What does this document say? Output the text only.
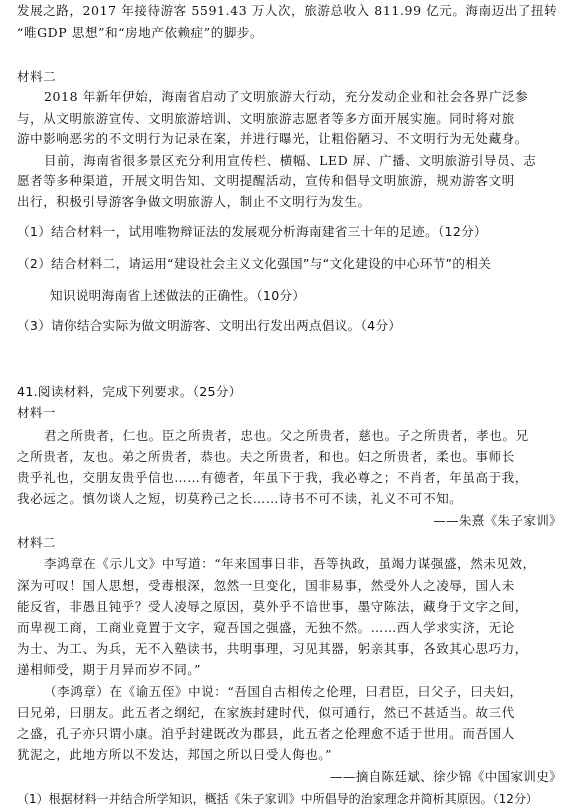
发展之路，2017 年接待游客 5591.43 万人次，旅游总收入 811.99 亿元。海南迈出了扭转
“唯GDP 思想”和“房地产依赖症”的脚步。
材料二
2018 年新年伊始，海南省启动了文明旅游大行动，充分发动企业和社会各界广泛参
与，从文明旅游宣传、文明旅游培训、文明旅游志愿者等多方面开展实施。同时将对旅
游中影响恶劣的不文明行为记录在案，并进行曝光，让粗俗陋习、不文明行为无处藏身。
目前，海南省很多景区充分利用宣传栏、横幅、LED 屏、广播、文明旅游引导员、志
愿者等多种渠道，开展文明告知、文明提醒活动，宣传和倡导文明旅游，规劝游客文明
出行，积极引导游客争做文明旅游人，制止不文明行为发生。
（1）结合材料一，试用唯物辩证法的发展观分析海南建省三十年的足迹。（12分）
（2）结合材料二，请运用“建设社会主义文化强国”与“文化建设的中心环节”的相关
知识说明海南省上述做法的正确性。（10分）
（3）请你结合实际为做文明游客、文明出行发出两点倡议。（4分）
41.阅读材料，完成下列要求。（25分）
材料一
君之所贵者，仁也。臣之所贵者，忠也。父之所贵者，慈也。子之所贵者，孝也。兄
之所贵者，友也。弟之所贵者，恭也。夫之所贵者，和也。妇之所贵者，柔也。事师长
贵乎礼也，交朋友贵乎信也……有德者，年虽下于我，我必尊之；不肖者，年虽高于我，
我必远之。慎勿谈人之短，切莫矜己之长……诗书不可不读，礼义不可不知。
——朱熹《朱子家训》
材料二
李鸿章在《示儿文》中写道：“年来国事日非，吾等执政，虽竭力谋强盛，然未见效，
深为可叹！国人思想，受毒根深，忽然一旦变化，国非易事，然受外人之凌辱，国人未
能反省，非愚且钝乎？受人凌辱之原因，莫外乎不谙世事，墨守陈法，藏身于文字之间，
而卑视工商，工商业竟置于文字，窥吾国之强盛，无独不然。……西人学求实济，无论
为士、为工、为兵，无不入塾读书，共明事理，习见其器，躬亲其事，各致其心思巧力，
递相师受，期于月异而岁不同。”
（李鸿章）在《谕五侄》中说：“吾国自古相传之伦理，曰君臣，曰父子，曰夫妇，
曰兄弟，曰朋友。此五者之纲纪，在家族封建时代，似可通行，然已不甚适当。故三代
之盛，孔子亦只谓小康。洎乎封建既改为郡县，此五者之伦理愈不适于世用。而吾国人
犹泥之，此地方所以不发达，邦国之所以日受人侮也。”
——摘自陈廷斌、徐少锦《中国家训史》
（1）根据材料一并结合所学知识，概括《朱子家训》中所倡导的治家理念并简析其原因。（12分）
